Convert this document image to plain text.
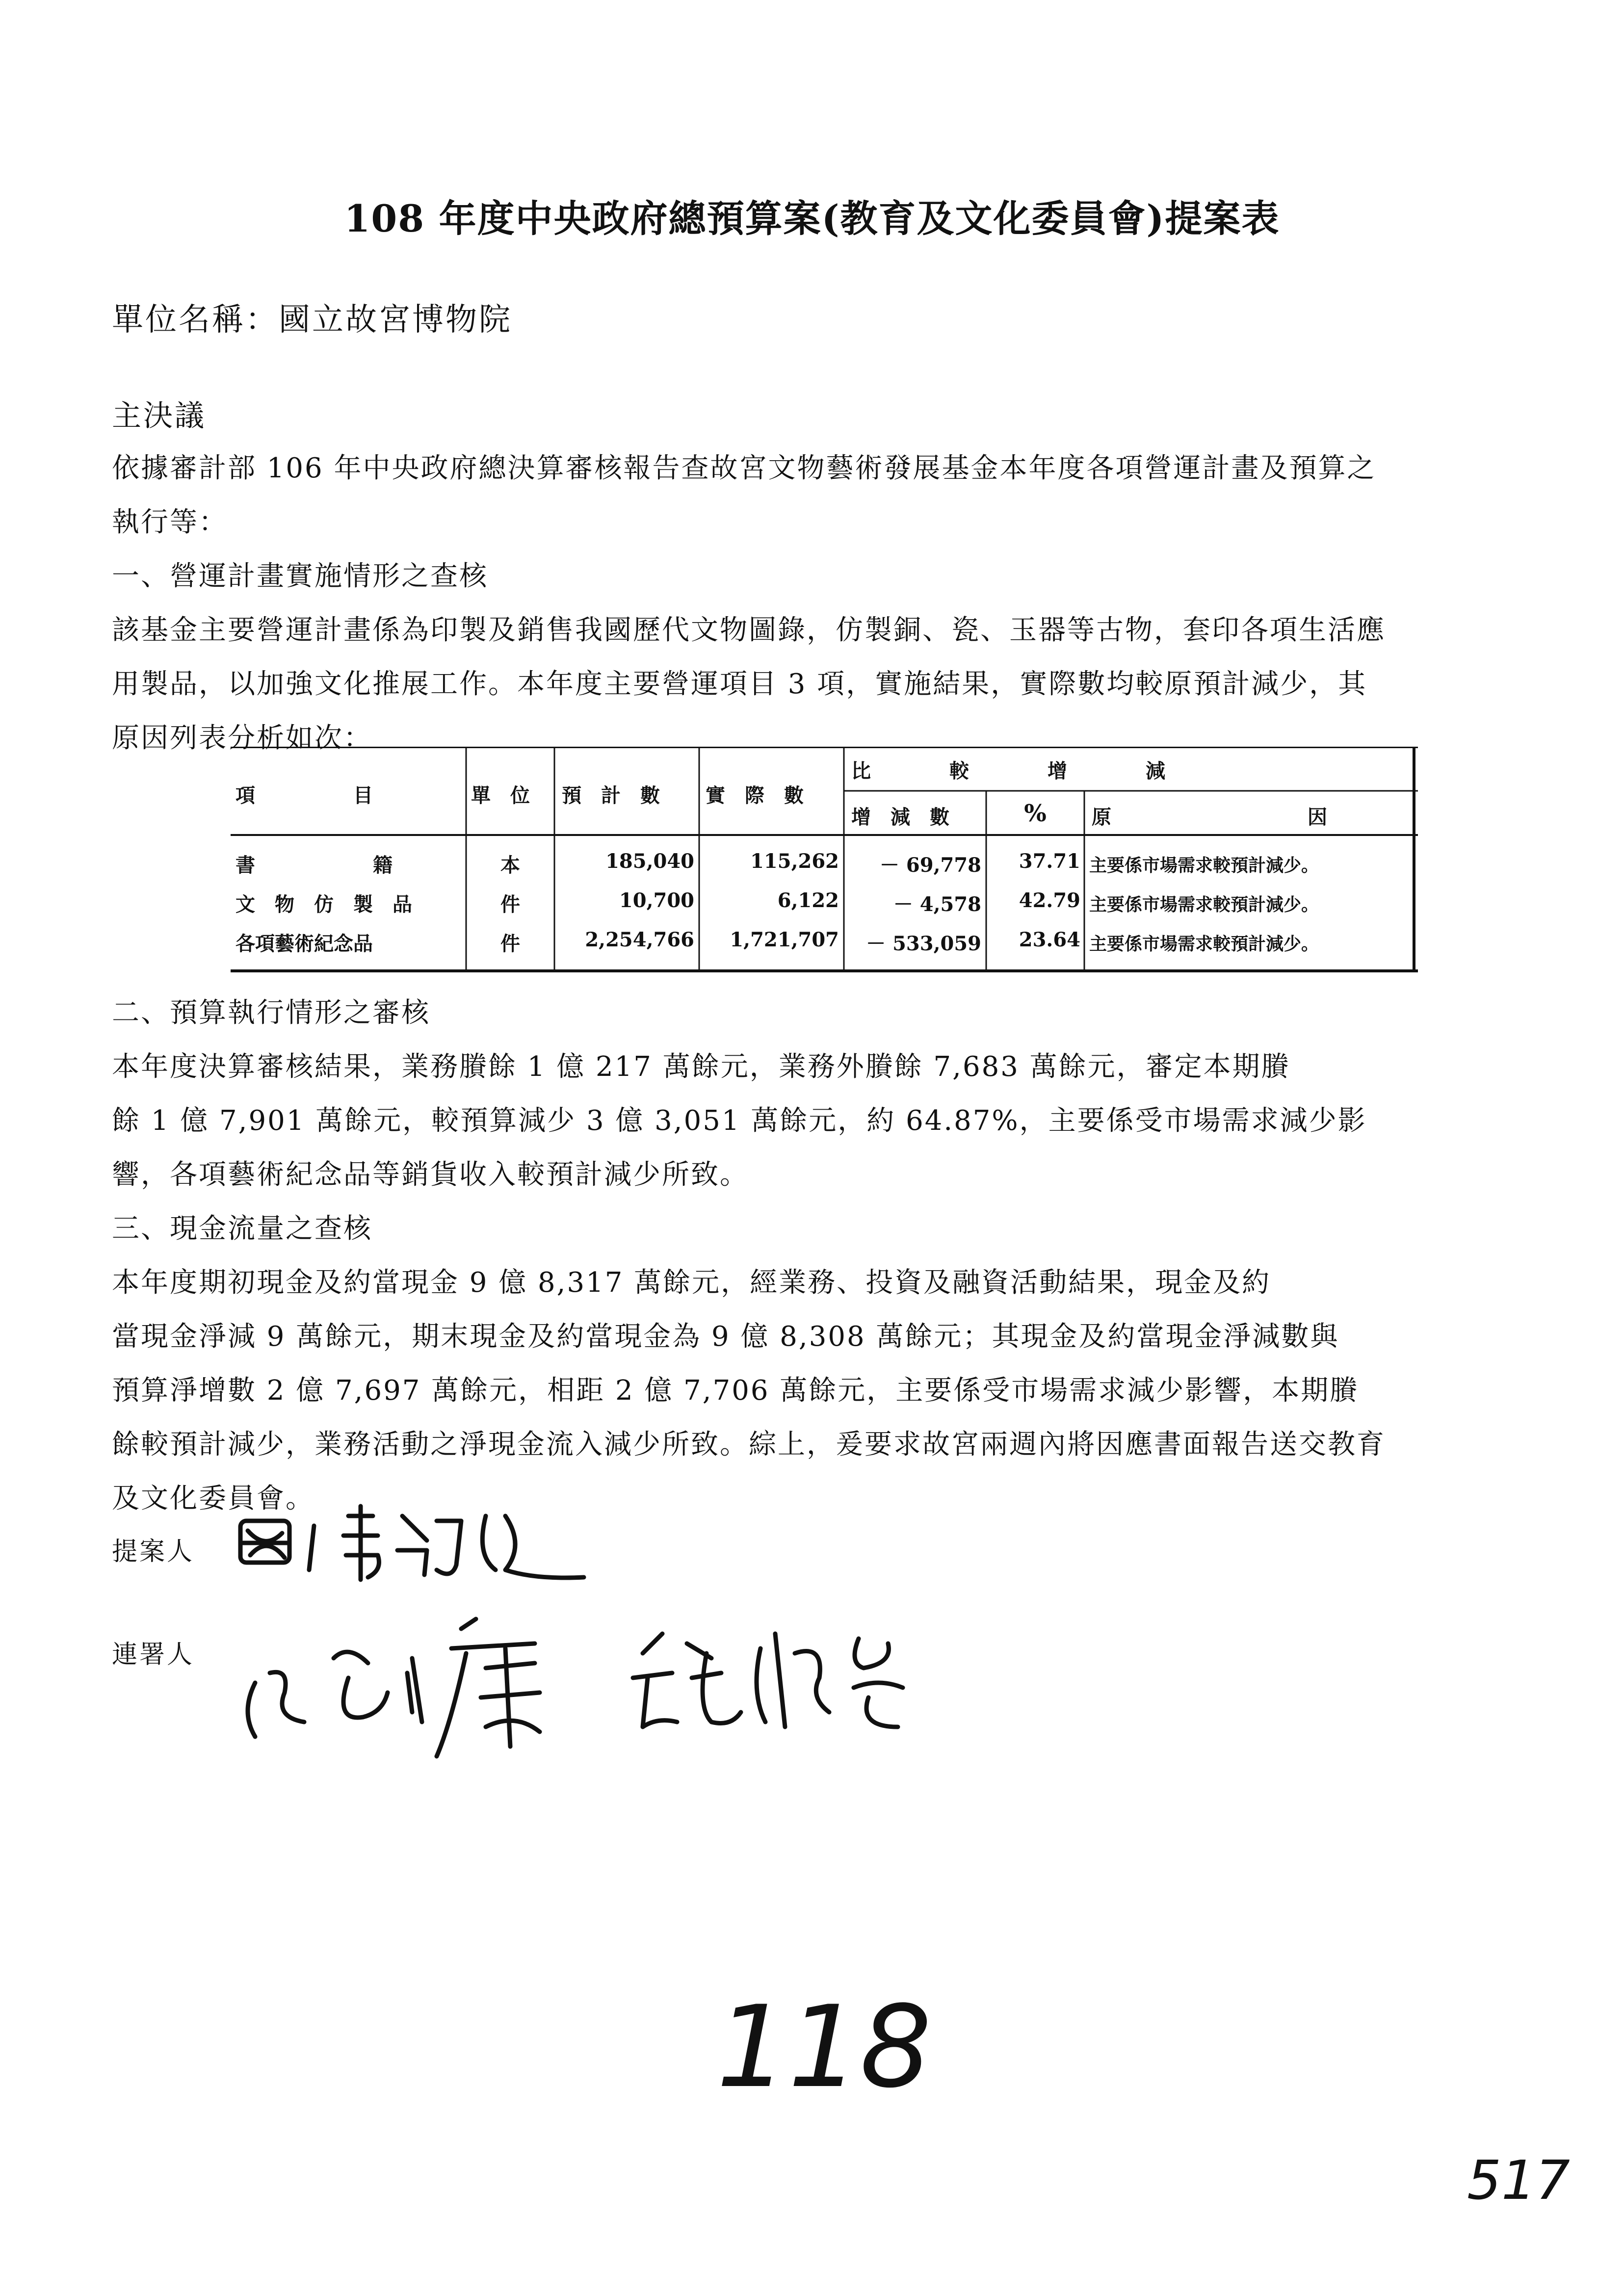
108 年度中央政府總預算案(教育及文化委員會)提案表
單位名稱：國立故宮博物院
主決議
依據審計部 106 年中央政府總決算審核報告查故宮文物藝術發展基金本年度各項營運計畫及預算之
執行等：
一、營運計畫實施情形之查核
該基金主要營運計畫係為印製及銷售我國歷代文物圖錄，仿製銅、瓷、玉器等古物，套印各項生活應
用製品，以加強文化推展工作。本年度主要營運項目 3 項，實施結果，實際數均較原預計減少，其
原因列表分析如次：
項　　　　　目	單　位	預　計　數	實　際　數
比　　　　較　　　　增　　　　減
增　減　數	%	原　　　　　　　　　　因
書　　　　　　籍	本	185,040	115,262	－ 69,778	37.71 主要係市場需求較預計減少。
文　物　仿　製　品	件	10,700	6,122	－ 4,578	42.79 主要係市場需求較預計減少。
各項藝術紀念品	件	2,254,766	1,721,707	－ 533,059	23.64 主要係市場需求較預計減少。
二、預算執行情形之審核
本年度決算審核結果，業務賸餘 1 億 217 萬餘元，業務外賸餘 7,683 萬餘元，審定本期賸
餘 1 億 7,901 萬餘元，較預算減少 3 億 3,051 萬餘元，約 64.87%，主要係受市場需求減少影
響，各項藝術紀念品等銷貨收入較預計減少所致。
三、現金流量之查核
本年度期初現金及約當現金 9 億 8,317 萬餘元，經業務、投資及融資活動結果，現金及約
當現金淨減 9 萬餘元，期末現金及約當現金為 9 億 8,308 萬餘元；其現金及約當現金淨減數與
預算淨增數 2 億 7,697 萬餘元，相距 2 億 7,706 萬餘元，主要係受市場需求減少影響，本期賸
餘較預計減少，業務活動之淨現金流入減少所致。綜上，爰要求故宮兩週內將因應書面報告送交教育
及文化委員會。
提案人
連署人
118
517
